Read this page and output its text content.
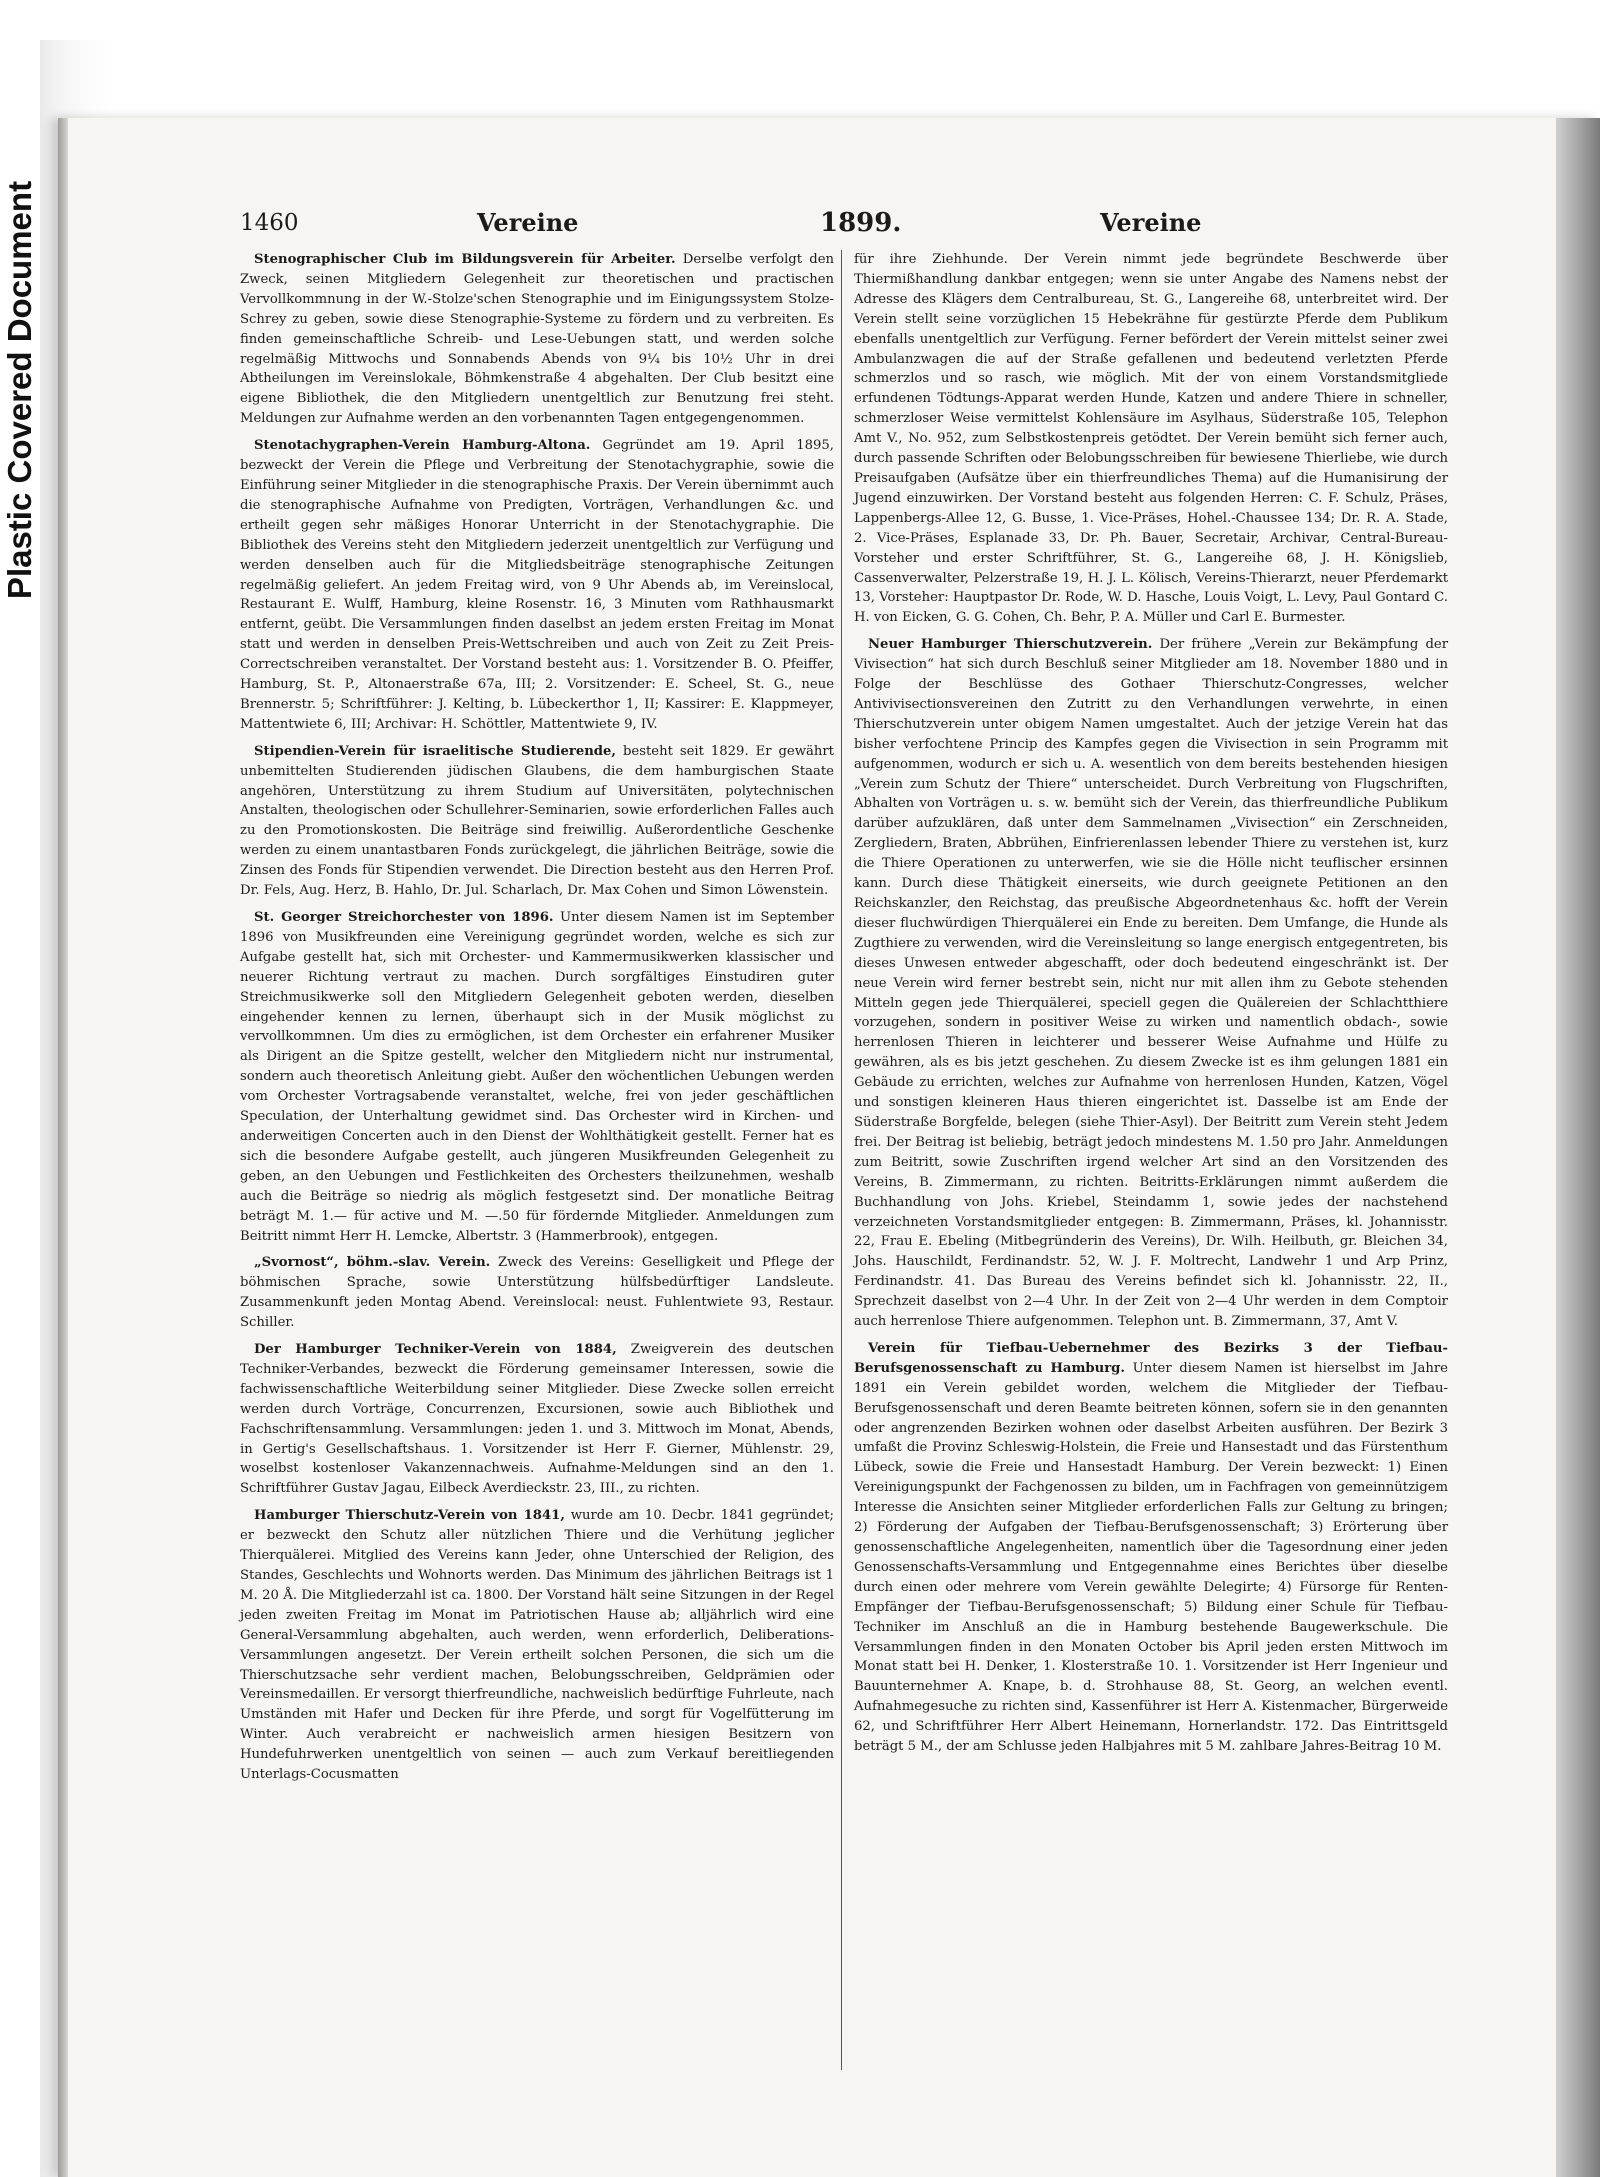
Plastic Covered Document	1460	Vereine	1899.	Vereine

Stenographischer Club im Bildungsverein für Arbeiter. Derselbe verfolgt den Zweck, seinen Mitgliedern Gelegenheit zur theoretischen und practischen Vervollkommnung in der W.-Stolze'schen Stenographie und im Einigungssystem Stolze-Schrey zu geben, sowie diese Stenographie-Systeme zu fördern und zu verbreiten. Es finden gemeinschaftliche Schreib- und Lese-Uebungen statt, und werden solche regelmäßig Mittwochs und Sonnabends Abends von 9¼ bis 10½ Uhr in drei Abtheilungen im Vereinslokale, Böhmkenstraße 4 abgehalten. Der Club besitzt eine eigene Bibliothek, die den Mitgliedern unentgeltlich zur Benutzung frei steht. Meldungen zur Aufnahme werden an den vorbenannten Tagen entgegengenommen.

Stenotachygraphen-Verein Hamburg-Altona. Gegründet am 19. April 1895, bezweckt der Verein die Pflege und Verbreitung der Stenotachygraphie, sowie die Einführung seiner Mitglieder in die stenographische Praxis. Der Verein übernimmt auch die stenographische Aufnahme von Predigten, Vorträgen, Verhandlungen &c. und ertheilt gegen sehr mäßiges Honorar Unterricht in der Stenotachygraphie. Die Bibliothek des Vereins steht den Mitgliedern jederzeit unentgeltlich zur Verfügung und werden denselben auch für die Mitgliedsbeiträge stenographische Zeitungen regelmäßig geliefert. An jedem Freitag wird, von 9 Uhr Abends ab, im Vereinslocal, Restaurant E. Wulff, Hamburg, kleine Rosenstr. 16, 3 Minuten vom Rathhausmarkt entfernt, geübt. Die Versammlungen finden daselbst an jedem ersten Freitag im Monat statt und werden in denselben Preis-Wettschreiben und auch von Zeit zu Zeit Preis-Correctschreiben veranstaltet. Der Vorstand besteht aus: 1. Vorsitzender B. O. Pfeiffer, Hamburg, St. P., Altonaerstraße 67a, III; 2. Vorsitzender: E. Scheel, St. G., neue Brennerstr. 5; Schriftführer: J. Kelting, b. Lübeckerthor 1, II; Kassirer: E. Klappmeyer, Mattentwiete 6, III; Archivar: H. Schöttler, Mattentwiete 9, IV.

Stipendien-Verein für israelitische Studierende, besteht seit 1829. Er gewährt unbemittelten Studierenden jüdischen Glaubens, die dem hamburgischen Staate angehören, Unterstützung zu ihrem Studium auf Universitäten, polytechnischen Anstalten, theologischen oder Schullehrer-Seminarien, sowie erforderlichen Falles auch zu den Promotionskosten. Die Beiträge sind freiwillig. Außerordentliche Geschenke werden zu einem unantastbaren Fonds zurückgelegt, die jährlichen Beiträge, sowie die Zinsen des Fonds für Stipendien verwendet. Die Direction besteht aus den Herren Prof. Dr. Fels, Aug. Herz, B. Hahlo, Dr. Jul. Scharlach, Dr. Max Cohen und Simon Löwenstein.

St. Georger Streichorchester von 1896. Unter diesem Namen ist im September 1896 von Musikfreunden eine Vereinigung gegründet worden, welche es sich zur Aufgabe gestellt hat, sich mit Orchester- und Kammermusikwerken klassischer und neuerer Richtung vertraut zu machen. Durch sorgfältiges Einstudiren guter Streichmusikwerke soll den Mitgliedern Gelegenheit geboten werden, dieselben eingehender kennen zu lernen, überhaupt sich in der Musik möglichst zu vervollkommnen. Um dies zu ermöglichen, ist dem Orchester ein erfahrener Musiker als Dirigent an die Spitze gestellt, welcher den Mitgliedern nicht nur instrumental, sondern auch theoretisch Anleitung giebt. Außer den wöchentlichen Uebungen werden vom Orchester Vortragsabende veranstaltet, welche, frei von jeder geschäftlichen Speculation, der Unterhaltung gewidmet sind. Das Orchester wird in Kirchen- und anderweitigen Concerten auch in den Dienst der Wohlthätigkeit gestellt. Ferner hat es sich die besondere Aufgabe gestellt, auch jüngeren Musikfreunden Gelegenheit zu geben, an den Uebungen und Festlichkeiten des Orchesters theilzunehmen, weshalb auch die Beiträge so niedrig als möglich festgesetzt sind. Der monatliche Beitrag beträgt M. 1.— für active und M. —.50 für fördernde Mitglieder. Anmeldungen zum Beitritt nimmt Herr H. Lemcke, Albertstr. 3 (Hammerbrook), entgegen.

„Svornost“, böhm.-slav. Verein. Zweck des Vereins: Geselligkeit und Pflege der böhmischen Sprache, sowie Unterstützung hülfsbedürftiger Landsleute. Zusammenkunft jeden Montag Abend. Vereinslocal: neust. Fuhlentwiete 93, Restaur. Schiller.

Der Hamburger Techniker-Verein von 1884, Zweigverein des deutschen Techniker-Verbandes, bezweckt die Förderung gemeinsamer Interessen, sowie die fachwissenschaftliche Weiterbildung seiner Mitglieder. Diese Zwecke sollen erreicht werden durch Vorträge, Concurrenzen, Excursionen, sowie auch Bibliothek und Fachschriftensammlung. Versammlungen: jeden 1. und 3. Mittwoch im Monat, Abends, in Gertig's Gesellschaftshaus. 1. Vorsitzender ist Herr F. Gierner, Mühlenstr. 29, woselbst kostenloser Vakanzennachweis. Aufnahme-Meldungen sind an den 1. Schriftführer Gustav Jagau, Eilbeck Averdieckstr. 23, III., zu richten.

Hamburger Thierschutz-Verein von 1841, wurde am 10. Decbr. 1841 gegründet; er bezweckt den Schutz aller nützlichen Thiere und die Verhütung jeglicher Thierquälerei. Mitglied des Vereins kann Jeder, ohne Unterschied der Religion, des Standes, Geschlechts und Wohnorts werden. Das Minimum des jährlichen Beitrags ist 1 M. 20 Å. Die Mitgliederzahl ist ca. 1800. Der Vorstand hält seine Sitzungen in der Regel jeden zweiten Freitag im Monat im Patriotischen Hause ab; alljährlich wird eine General-Versammlung abgehalten, auch werden, wenn erforderlich, Deliberations-Versammlungen angesetzt. Der Verein ertheilt solchen Personen, die sich um die Thierschutzsache sehr verdient machen, Belobungsschreiben, Geldprämien oder Vereinsmedaillen. Er versorgt thierfreundliche, nachweislich bedürftige Fuhrleute, nach Umständen mit Hafer und Decken für ihre Pferde, und sorgt für Vogelfütterung im Winter. Auch verabreicht er nachweislich armen hiesigen Besitzern von Hundefuhrwerken unentgeltlich von seinen — auch zum Verkauf bereitliegenden Unterlags-Cocusmatten

für ihre Ziehhunde. Der Verein nimmt jede begründete Beschwerde über Thiermißhandlung dankbar entgegen; wenn sie unter Angabe des Namens nebst der Adresse des Klägers dem Centralbureau, St. G., Langereihe 68, unterbreitet wird. Der Verein stellt seine vorzüglichen 15 Hebekrähne für gestürzte Pferde dem Publikum ebenfalls unentgeltlich zur Verfügung. Ferner befördert der Verein mittelst seiner zwei Ambulanzwagen die auf der Straße gefallenen und bedeutend verletzten Pferde schmerzlos und so rasch, wie möglich. Mit der von einem Vorstandsmitgliede erfundenen Tödtungs-Apparat werden Hunde, Katzen und andere Thiere in schneller, schmerzloser Weise vermittelst Kohlensäure im Asylhaus, Süderstraße 105, Telephon Amt V., No. 952, zum Selbstkostenpreis getödtet. Der Verein bemüht sich ferner auch, durch passende Schriften oder Belobungsschreiben für bewiesene Thierliebe, wie durch Preisaufgaben (Aufsätze über ein thierfreundliches Thema) auf die Humanisirung der Jugend einzuwirken. Der Vorstand besteht aus folgenden Herren: C. F. Schulz, Präses, Lappenbergs-Allee 12, G. Busse, 1. Vice-Präses, Hohel.-Chaussee 134; Dr. R. A. Stade, 2. Vice-Präses, Esplanade 33, Dr. Ph. Bauer, Secretair, Archivar, Central-Bureau-Vorsteher und erster Schriftführer, St. G., Langereihe 68, J. H. Königslieb, Cassenverwalter, Pelzerstraße 19, H. J. L. Kölisch, Vereins-Thierarzt, neuer Pferdemarkt 13, Vorsteher: Hauptpastor Dr. Rode, W. D. Hasche, Louis Voigt, L. Levy, Paul Gontard C. H. von Eicken, G. G. Cohen, Ch. Behr, P. A. Müller und Carl E. Burmester.

Neuer Hamburger Thierschutzverein. Der frühere „Verein zur Bekämpfung der Vivisection“ hat sich durch Beschluß seiner Mitglieder am 18. November 1880 und in Folge der Beschlüsse des Gothaer Thierschutz-Congresses, welcher Antivivisectionsvereinen den Zutritt zu den Verhandlungen verwehrte, in einen Thierschutzverein unter obigem Namen umgestaltet. Auch der jetzige Verein hat das bisher verfochtene Princip des Kampfes gegen die Vivisection in sein Programm mit aufgenommen, wodurch er sich u. A. wesentlich von dem bereits bestehenden hiesigen „Verein zum Schutz der Thiere“ unterscheidet. Durch Verbreitung von Flugschriften, Abhalten von Vorträgen u. s. w. bemüht sich der Verein, das thierfreundliche Publikum darüber aufzuklären, daß unter dem Sammelnamen „Vivisection“ ein Zerschneiden, Zergliedern, Braten, Abbrühen, Einfrierenlassen lebender Thiere zu verstehen ist, kurz die Thiere Operationen zu unterwerfen, wie sie die Hölle nicht teuflischer ersinnen kann. Durch diese Thätigkeit einerseits, wie durch geeignete Petitionen an den Reichskanzler, den Reichstag, das preußische Abgeordnetenhaus &c. hofft der Verein dieser fluchwürdigen Thierquälerei ein Ende zu bereiten. Dem Umfange, die Hunde als Zugthiere zu verwenden, wird die Vereinsleitung so lange energisch entgegentreten, bis dieses Unwesen entweder abgeschafft, oder doch bedeutend eingeschränkt ist. Der neue Verein wird ferner bestrebt sein, nicht nur mit allen ihm zu Gebote stehenden Mitteln gegen jede Thierquälerei, speciell gegen die Quälereien der Schlachtthiere vorzugehen, sondern in positiver Weise zu wirken und namentlich obdach-, sowie herrenlosen Thieren in leichterer und besserer Weise Aufnahme und Hülfe zu gewähren, als es bis jetzt geschehen. Zu diesem Zwecke ist es ihm gelungen 1881 ein Gebäude zu errichten, welches zur Aufnahme von herrenlosen Hunden, Katzen, Vögel und sonstigen kleineren Haus thieren eingerichtet ist. Dasselbe ist am Ende der Süderstraße Borgfelde, belegen (siehe Thier-Asyl). Der Beitritt zum Verein steht Jedem frei. Der Beitrag ist beliebig, beträgt jedoch mindestens M. 1.50 pro Jahr. Anmeldungen zum Beitritt, sowie Zuschriften irgend welcher Art sind an den Vorsitzenden des Vereins, B. Zimmermann, zu richten. Beitritts-Erklärungen nimmt außerdem die Buchhandlung von Johs. Kriebel, Steindamm 1, sowie jedes der nachstehend verzeichneten Vorstandsmitglieder entgegen: B. Zimmermann, Präses, kl. Johannisstr. 22, Frau E. Ebeling (Mitbegründerin des Vereins), Dr. Wilh. Heilbuth, gr. Bleichen 34, Johs. Hauschildt, Ferdinandstr. 52, W. J. F. Moltrecht, Landwehr 1 und Arp Prinz, Ferdinandstr. 41. Das Bureau des Vereins befindet sich kl. Johannisstr. 22, II., Sprechzeit daselbst von 2—4 Uhr. In der Zeit von 2—4 Uhr werden in dem Comptoir auch herrenlose Thiere aufgenommen. Telephon unt. B. Zimmermann, 37, Amt V.

Verein für Tiefbau-Uebernehmer des Bezirks 3 der Tiefbau-Berufsgenossenschaft zu Hamburg. Unter diesem Namen ist hierselbst im Jahre 1891 ein Verein gebildet worden, welchem die Mitglieder der Tiefbau-Berufsgenossenschaft und deren Beamte beitreten können, sofern sie in den genannten oder angrenzenden Bezirken wohnen oder daselbst Arbeiten ausführen. Der Bezirk 3 umfaßt die Provinz Schleswig-Holstein, die Freie und Hansestadt und das Fürstenthum Lübeck, sowie die Freie und Hansestadt Hamburg. Der Verein bezweckt: 1) Einen Vereinigungspunkt der Fachgenossen zu bilden, um in Fachfragen von gemeinnützigem Interesse die Ansichten seiner Mitglieder erforderlichen Falls zur Geltung zu bringen; 2) Förderung der Aufgaben der Tiefbau-Berufsgenossenschaft; 3) Erörterung über genossenschaftliche Angelegenheiten, namentlich über die Tagesordnung einer jeden Genossenschafts-Versammlung und Entgegennahme eines Berichtes über dieselbe durch einen oder mehrere vom Verein gewählte Delegirte; 4) Fürsorge für Renten-Empfänger der Tiefbau-Berufsgenossenschaft; 5) Bildung einer Schule für Tiefbau-Techniker im Anschluß an die in Hamburg bestehende Baugewerkschule. Die Versammlungen finden in den Monaten October bis April jeden ersten Mittwoch im Monat statt bei H. Denker, 1. Klosterstraße 10. 1. Vorsitzender ist Herr Ingenieur und Bauunternehmer A. Knape, b. d. Strohhause 88, St. Georg, an welchen eventl. Aufnahmegesuche zu richten sind, Kassenführer ist Herr A. Kistenmacher, Bürgerweide 62, und Schriftführer Herr Albert Heinemann, Hornerlandstr. 172. Das Eintrittsgeld beträgt 5 M., der am Schlusse jeden Halbjahres mit 5 M. zahlbare Jahres-Beitrag 10 M.
